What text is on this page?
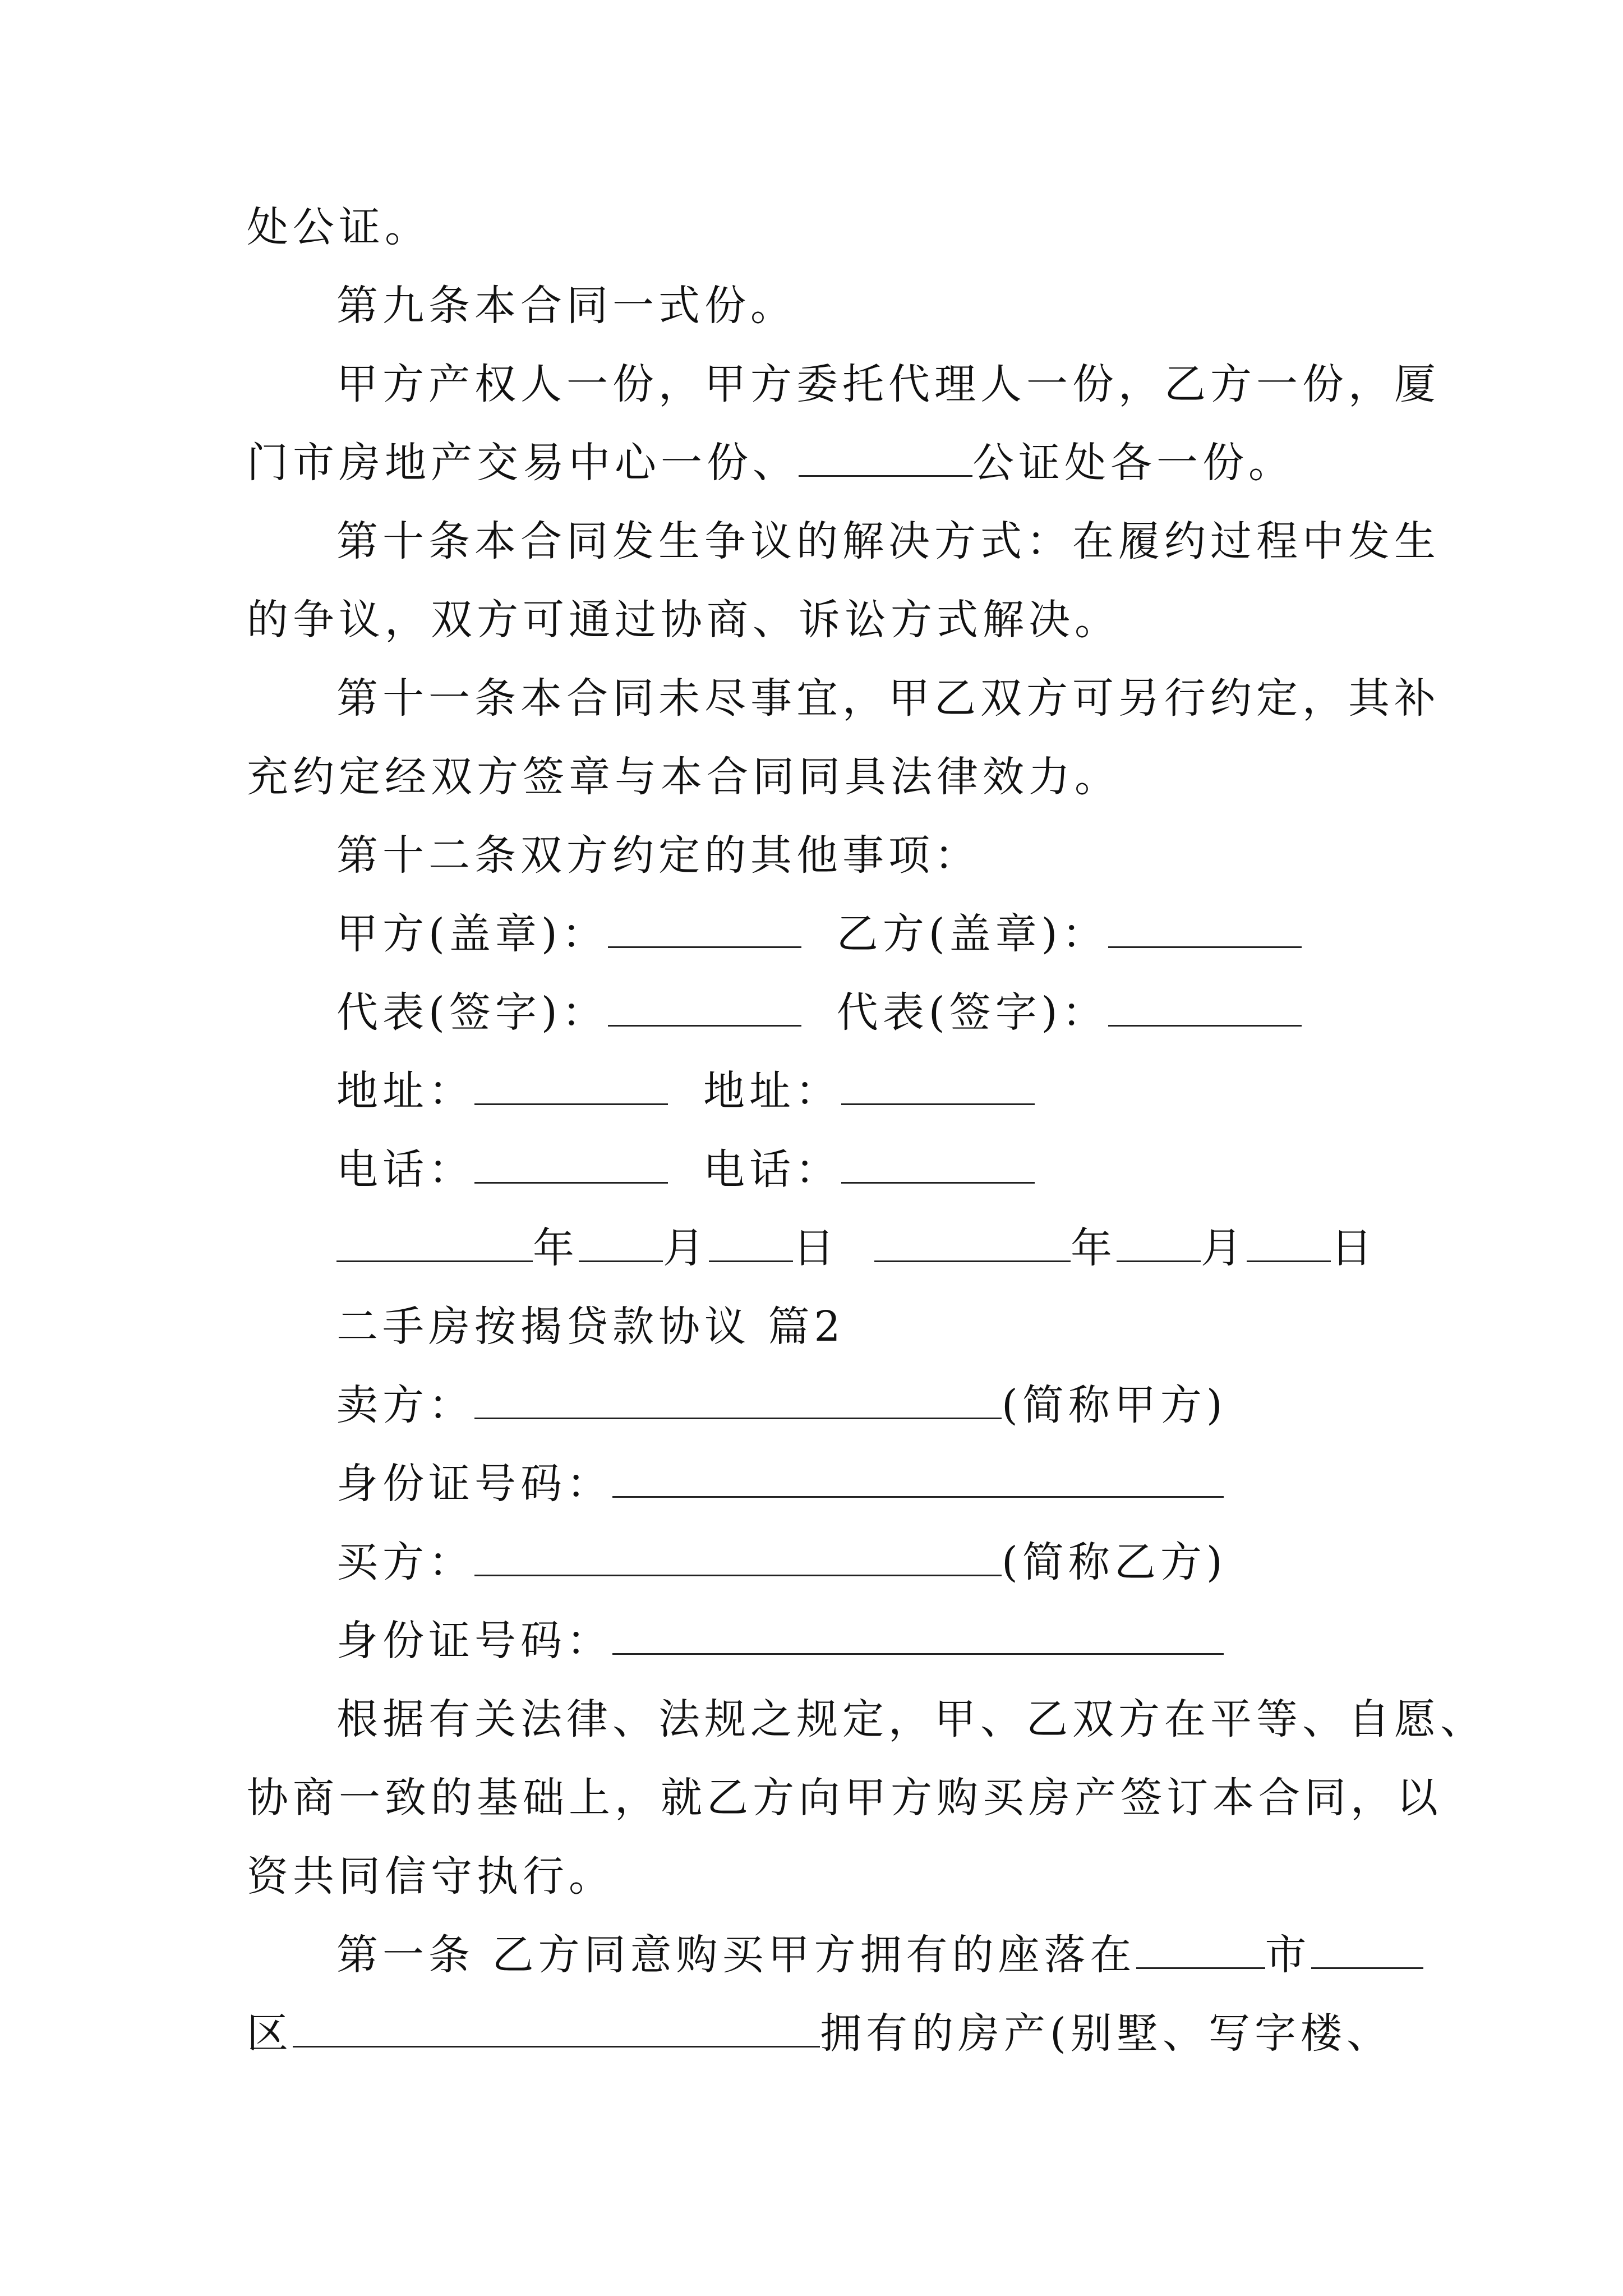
处公证。
第九条本合同一式份。
甲方产权人一份，甲方委托代理人一份，乙方一份，厦
门市房地产交易中心一份、	公证处各一份。
第十条本合同发生争议的解决方式：在履约过程中发生
的争议，双方可通过协商、诉讼方式解决。
第十一条本合同未尽事宜，甲乙双方可另行约定，其补
充约定经双方签章与本合同同具法律效力。
第十二条双方约定的其他事项：
甲方(盖章)：	乙方(盖章)：
代表(签字)：	代表(签字)：
地址：	地址：
电话：	电话：
年 月 日	年 月 日
二手房按揭贷款协议 篇2
卖方：	(简称甲方)
身份证号码：
买方：	(简称乙方)
身份证号码：
根据有关法律、法规之规定，甲、乙双方在平等、自愿、
协商一致的基础上，就乙方向甲方购买房产签订本合同，以
资共同信守执行。
第一条 乙方同意购买甲方拥有的座落在	市
区	拥有的房产(别墅、写字楼、
